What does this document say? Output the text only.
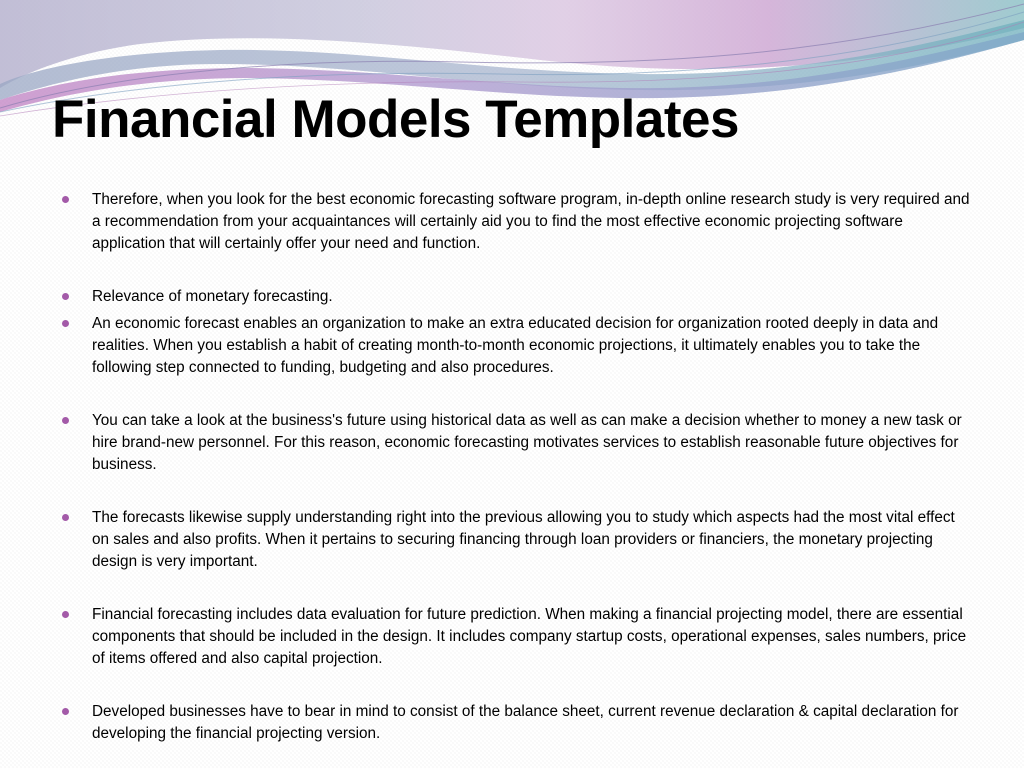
Financial Models Templates
Therefore, when you look for the best economic forecasting software program, in-depth online research study is very required and a recommendation from your acquaintances will certainly aid you to find the most effective economic projecting software application that will certainly offer your need and function.
Relevance of monetary forecasting.
An economic forecast enables an organization to make an extra educated decision for organization rooted deeply in data and realities. When you establish a habit of creating month-to-month economic projections, it ultimately enables you to take the following step connected to funding, budgeting and also procedures.
You can take a look at the business's future using historical data as well as can make a decision whether to money a new task or hire brand-new personnel. For this reason, economic forecasting motivates services to establish reasonable future objectives for business.
The forecasts likewise supply understanding right into the previous allowing you to study which aspects had the most vital effect on sales and also profits. When it pertains to securing financing through loan providers or financiers, the monetary projecting design is very important.
Financial forecasting includes data evaluation for future prediction. When making a financial projecting model, there are essential components that should be included in the design. It includes company startup costs, operational expenses, sales numbers, price of items offered and also capital projection.
Developed businesses have to bear in mind to consist of the balance sheet, current revenue declaration & capital declaration for developing the financial projecting version.
